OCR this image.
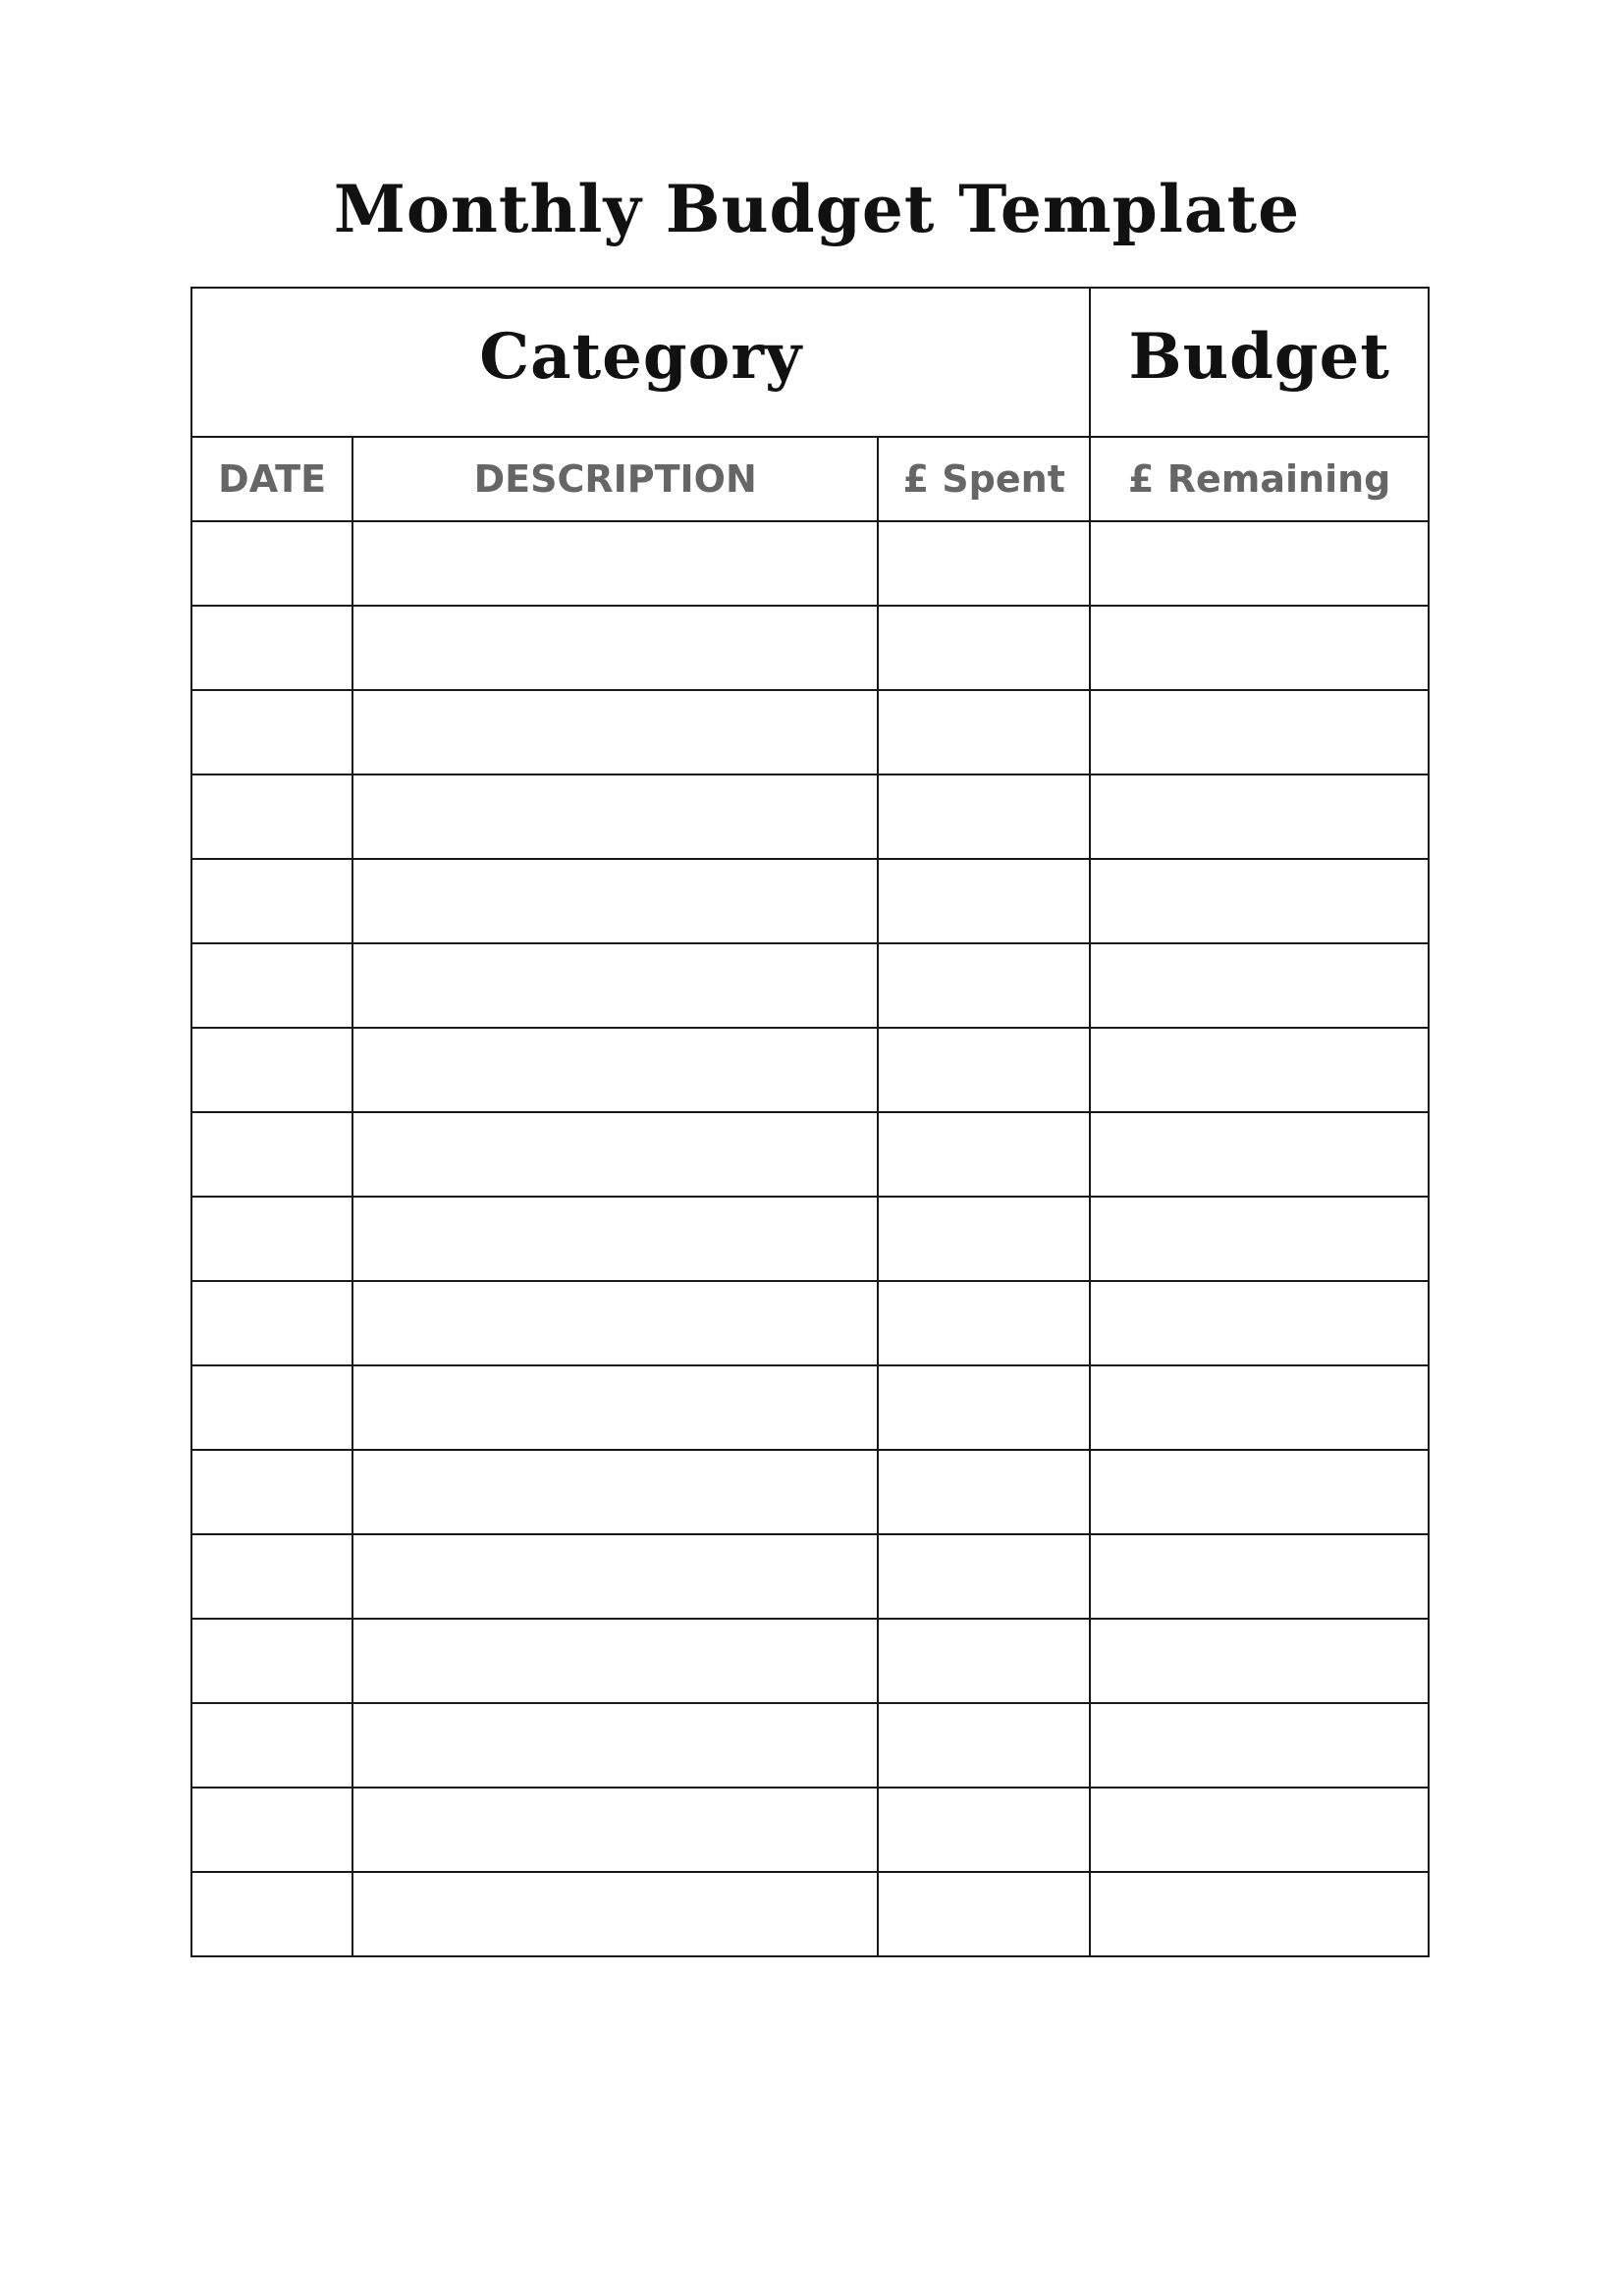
Monthly Budget Template
Category			Budget
DATE	DESCRIPTION	£ Spent	£ Remaining
